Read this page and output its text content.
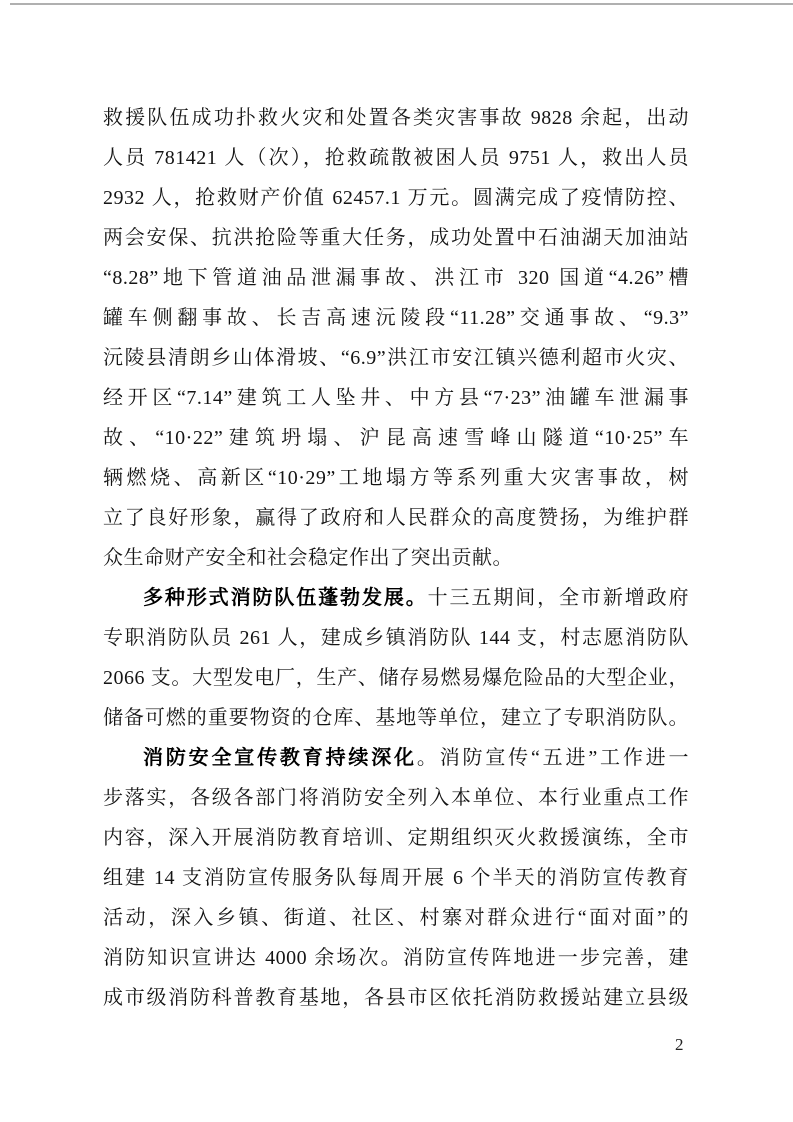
救援队伍成功扑救火灾和处置各类灾害事故 9828 余起，出动
人员 781421 人（次），抢救疏散被困人员 9751 人，救出人员
2932 人，抢救财产价值 62457.1 万元。圆满完成了疫情防控、
两会安保、抗洪抢险等重大任务，成功处置中石油湖天加油站
“8.28”地下管道油品泄漏事故、洪江市 320 国道“4.26”槽
罐车侧翻事故、长吉高速沅陵段“11.28”交通事故、“9.3”
沅陵县清朗乡山体滑坡、“6.9”洪江市安江镇兴德利超市火灾、
经开区“7.14”建筑工人坠井、中方县“7·23”油罐车泄漏事
故、“10·22”建筑坍塌、沪昆高速雪峰山隧道“10·25”车
辆燃烧、高新区“10·29”工地塌方等系列重大灾害事故，树
立了良好形象，赢得了政府和人民群众的高度赞扬，为维护群
众生命财产安全和社会稳定作出了突出贡献。
多种形式消防队伍蓬勃发展。十三五期间，全市新增政府
专职消防队员 261 人，建成乡镇消防队 144 支，村志愿消防队
2066 支。大型发电厂，生产、储存易燃易爆危险品的大型企业，
储备可燃的重要物资的仓库、基地等单位，建立了专职消防队。
消防安全宣传教育持续深化。消防宣传“五进”工作进一
步落实，各级各部门将消防安全列入本单位、本行业重点工作
内容，深入开展消防教育培训、定期组织灭火救援演练，全市
组建 14 支消防宣传服务队每周开展 6 个半天的消防宣传教育
活动，深入乡镇、街道、社区、村寨对群众进行“面对面”的
消防知识宣讲达 4000 余场次。消防宣传阵地进一步完善，建
成市级消防科普教育基地，各县市区依托消防救援站建立县级
2
